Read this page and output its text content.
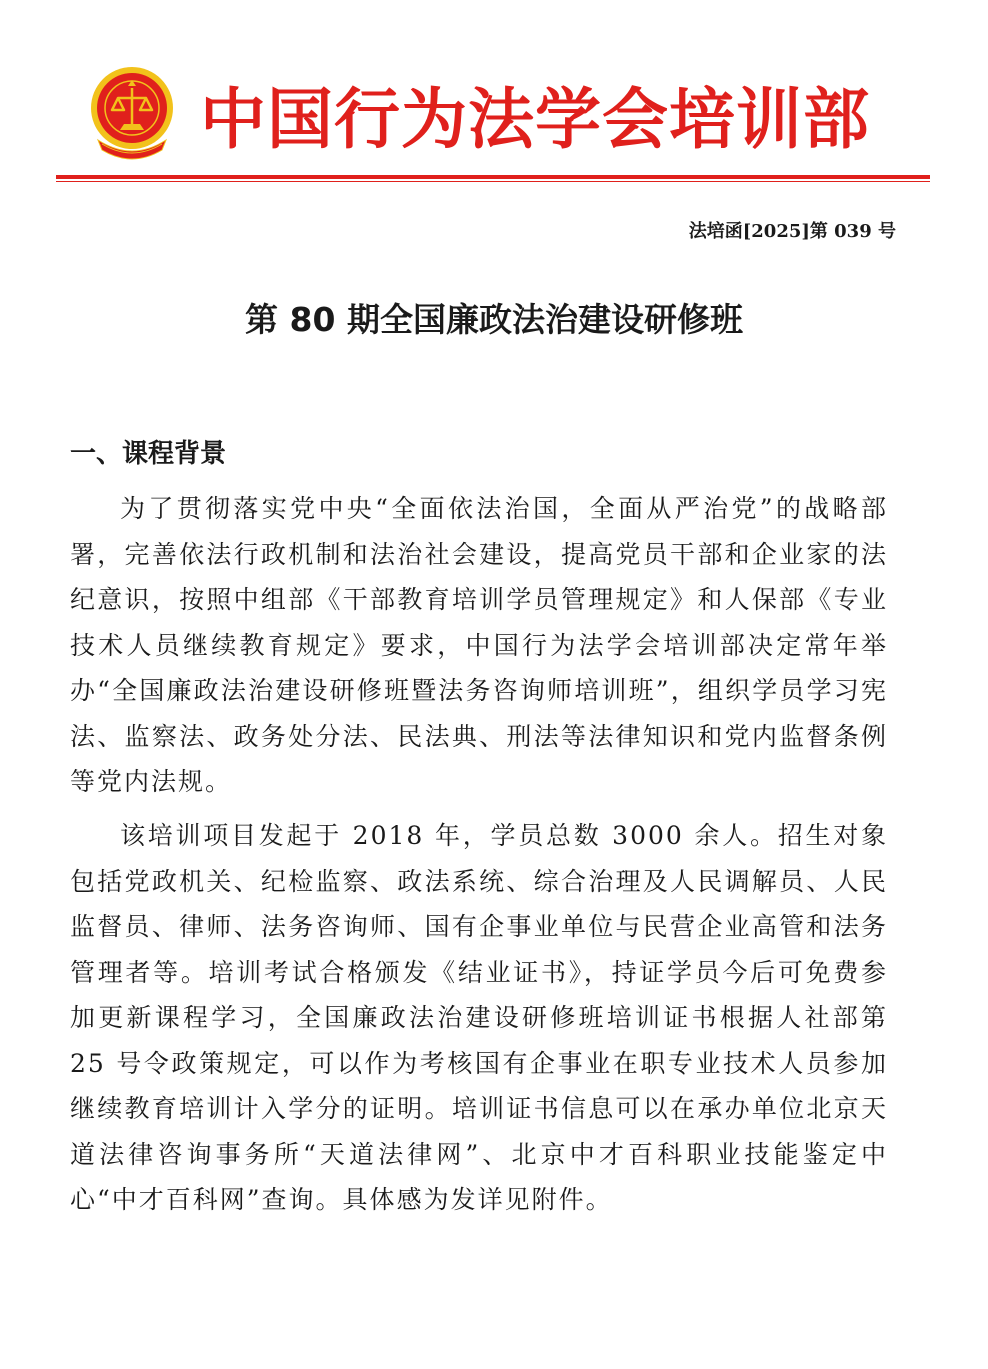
中国行为法学会培训部
法培函[2025]第 039 号
第 80 期全国廉政法治建设研修班
一、课程背景
为了贯彻落实党中央“全面依法治国，全面从严治党”的战略部署，完善依法行政机制和法治社会建设，提高党员干部和企业家的法纪意识，按照中组部《干部教育培训学员管理规定》和人保部《专业技术人员继续教育规定》要求，中国行为法学会培训部决定常年举办“全国廉政法治建设研修班暨法务咨询师培训班”，组织学员学习宪法、监察法、政务处分法、民法典、刑法等法律知识和党内监督条例等党内法规。
该培训项目发起于 2018 年，学员总数 3000 余人。招生对象包括党政机关、纪检监察、政法系统、综合治理及人民调解员、人民监督员、律师、法务咨询师、国有企事业单位与民营企业高管和法务管理者等。培训考试合格颁发《结业证书》，持证学员今后可免费参加更新课程学习，全国廉政法治建设研修班培训证书根据人社部第 25 号令政策规定，可以作为考核国有企事业在职专业技术人员参加继续教育培训计入学分的证明。培训证书信息可以在承办单位北京天道法律咨询事务所“天道法律网”、北京中才百科职业技能鉴定中心“中才百科网”查询。具体感为发详见附件。
